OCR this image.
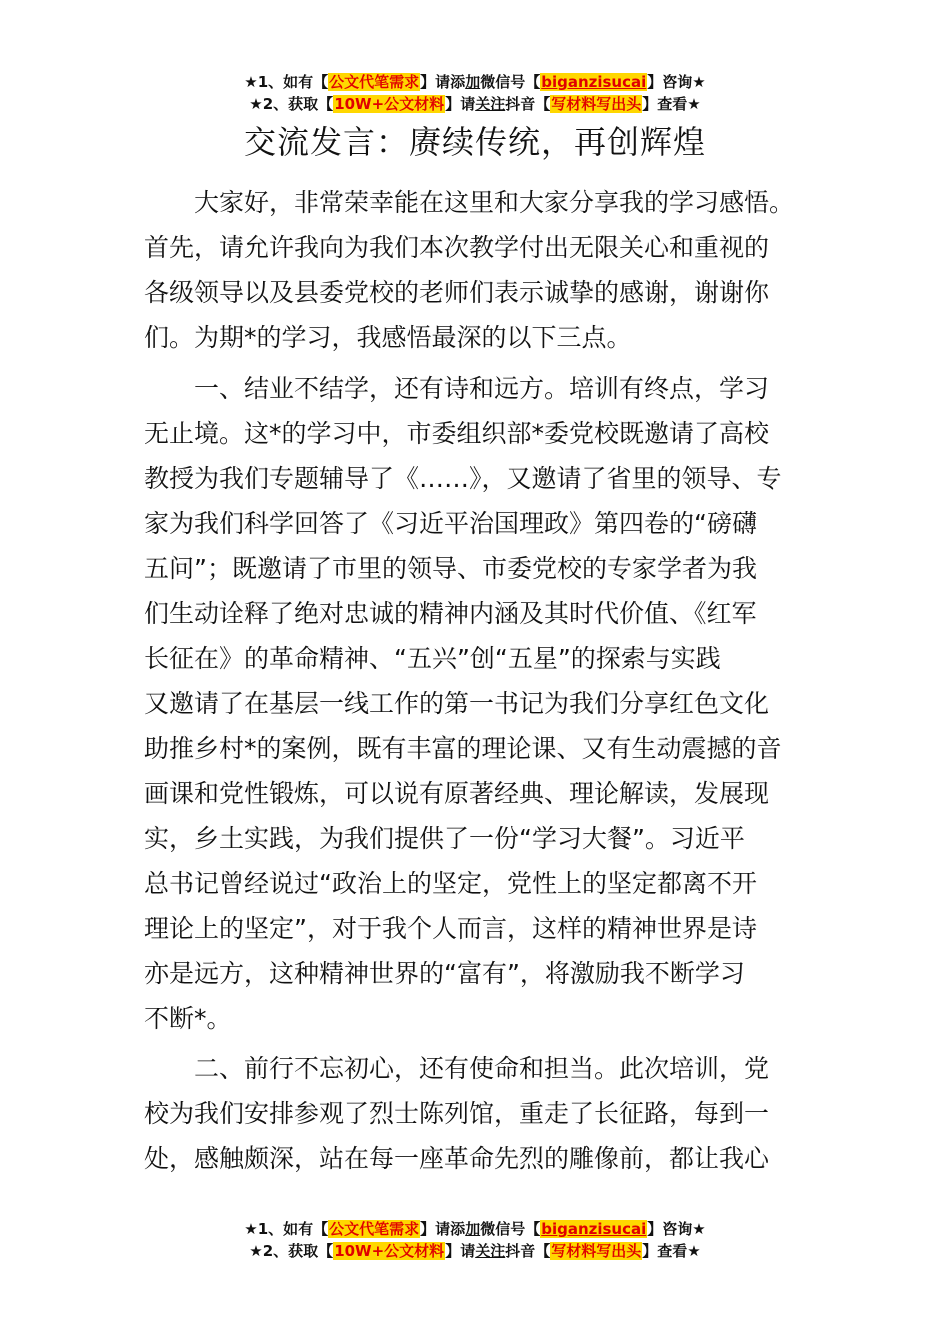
★1、如有【公文代笔需求】请添加微信号【biganzisucai】咨询★
★2、获取【10W+公文材料】请关注抖音【写材料写出头】查看★
交流发言：赓续传统，再创辉煌

大家好，非常荣幸能在这里和大家分享我的学习感悟。

首先，请允许我向为我们本次教学付出无限关心和重视的
各级领导以及县委党校的老师们表示诚挚的感谢，谢谢你
们。为期*的学习，我感悟最深的以下三点。

一、结业不结学，还有诗和远方。培训有终点，学习

无止境。这*的学习中，市委组织部*委党校既邀请了高校
教授为我们专题辅导了《……》，又邀请了省里的领导、专
家为我们科学回答了《习近平治国理政》第四卷的“磅礴
五问”；既邀请了市里的领导、市委党校的专家学者为我
们生动诠释了绝对忠诚的精神内涵及其时代价值、《红军
长征在》的革命精神、“五兴”创“五星”的探索与实践
又邀请了在基层一线工作的第一书记为我们分享红色文化
助推乡村*的案例，既有丰富的理论课、又有生动震撼的音
画课和党性锻炼，可以说有原著经典、理论解读，发展现
实，乡土实践，为我们提供了一份“学习大餐”。习近平
总书记曾经说过“政治上的坚定，党性上的坚定都离不开
理论上的坚定”，对于我个人而言，这样的精神世界是诗
亦是远方，这种精神世界的“富有”，将激励我不断学习
不断*。

二、前行不忘初心，还有使命和担当。此次培训，党

校为我们安排参观了烈士陈列馆，重走了长征路，每到一
处，感触颇深，站在每一座革命先烈的雕像前，都让我心
★1、如有【公文代笔需求】请添加微信号【biganzisucai】咨询★
★2、获取【10W+公文材料】请关注抖音【写材料写出头】查看★
